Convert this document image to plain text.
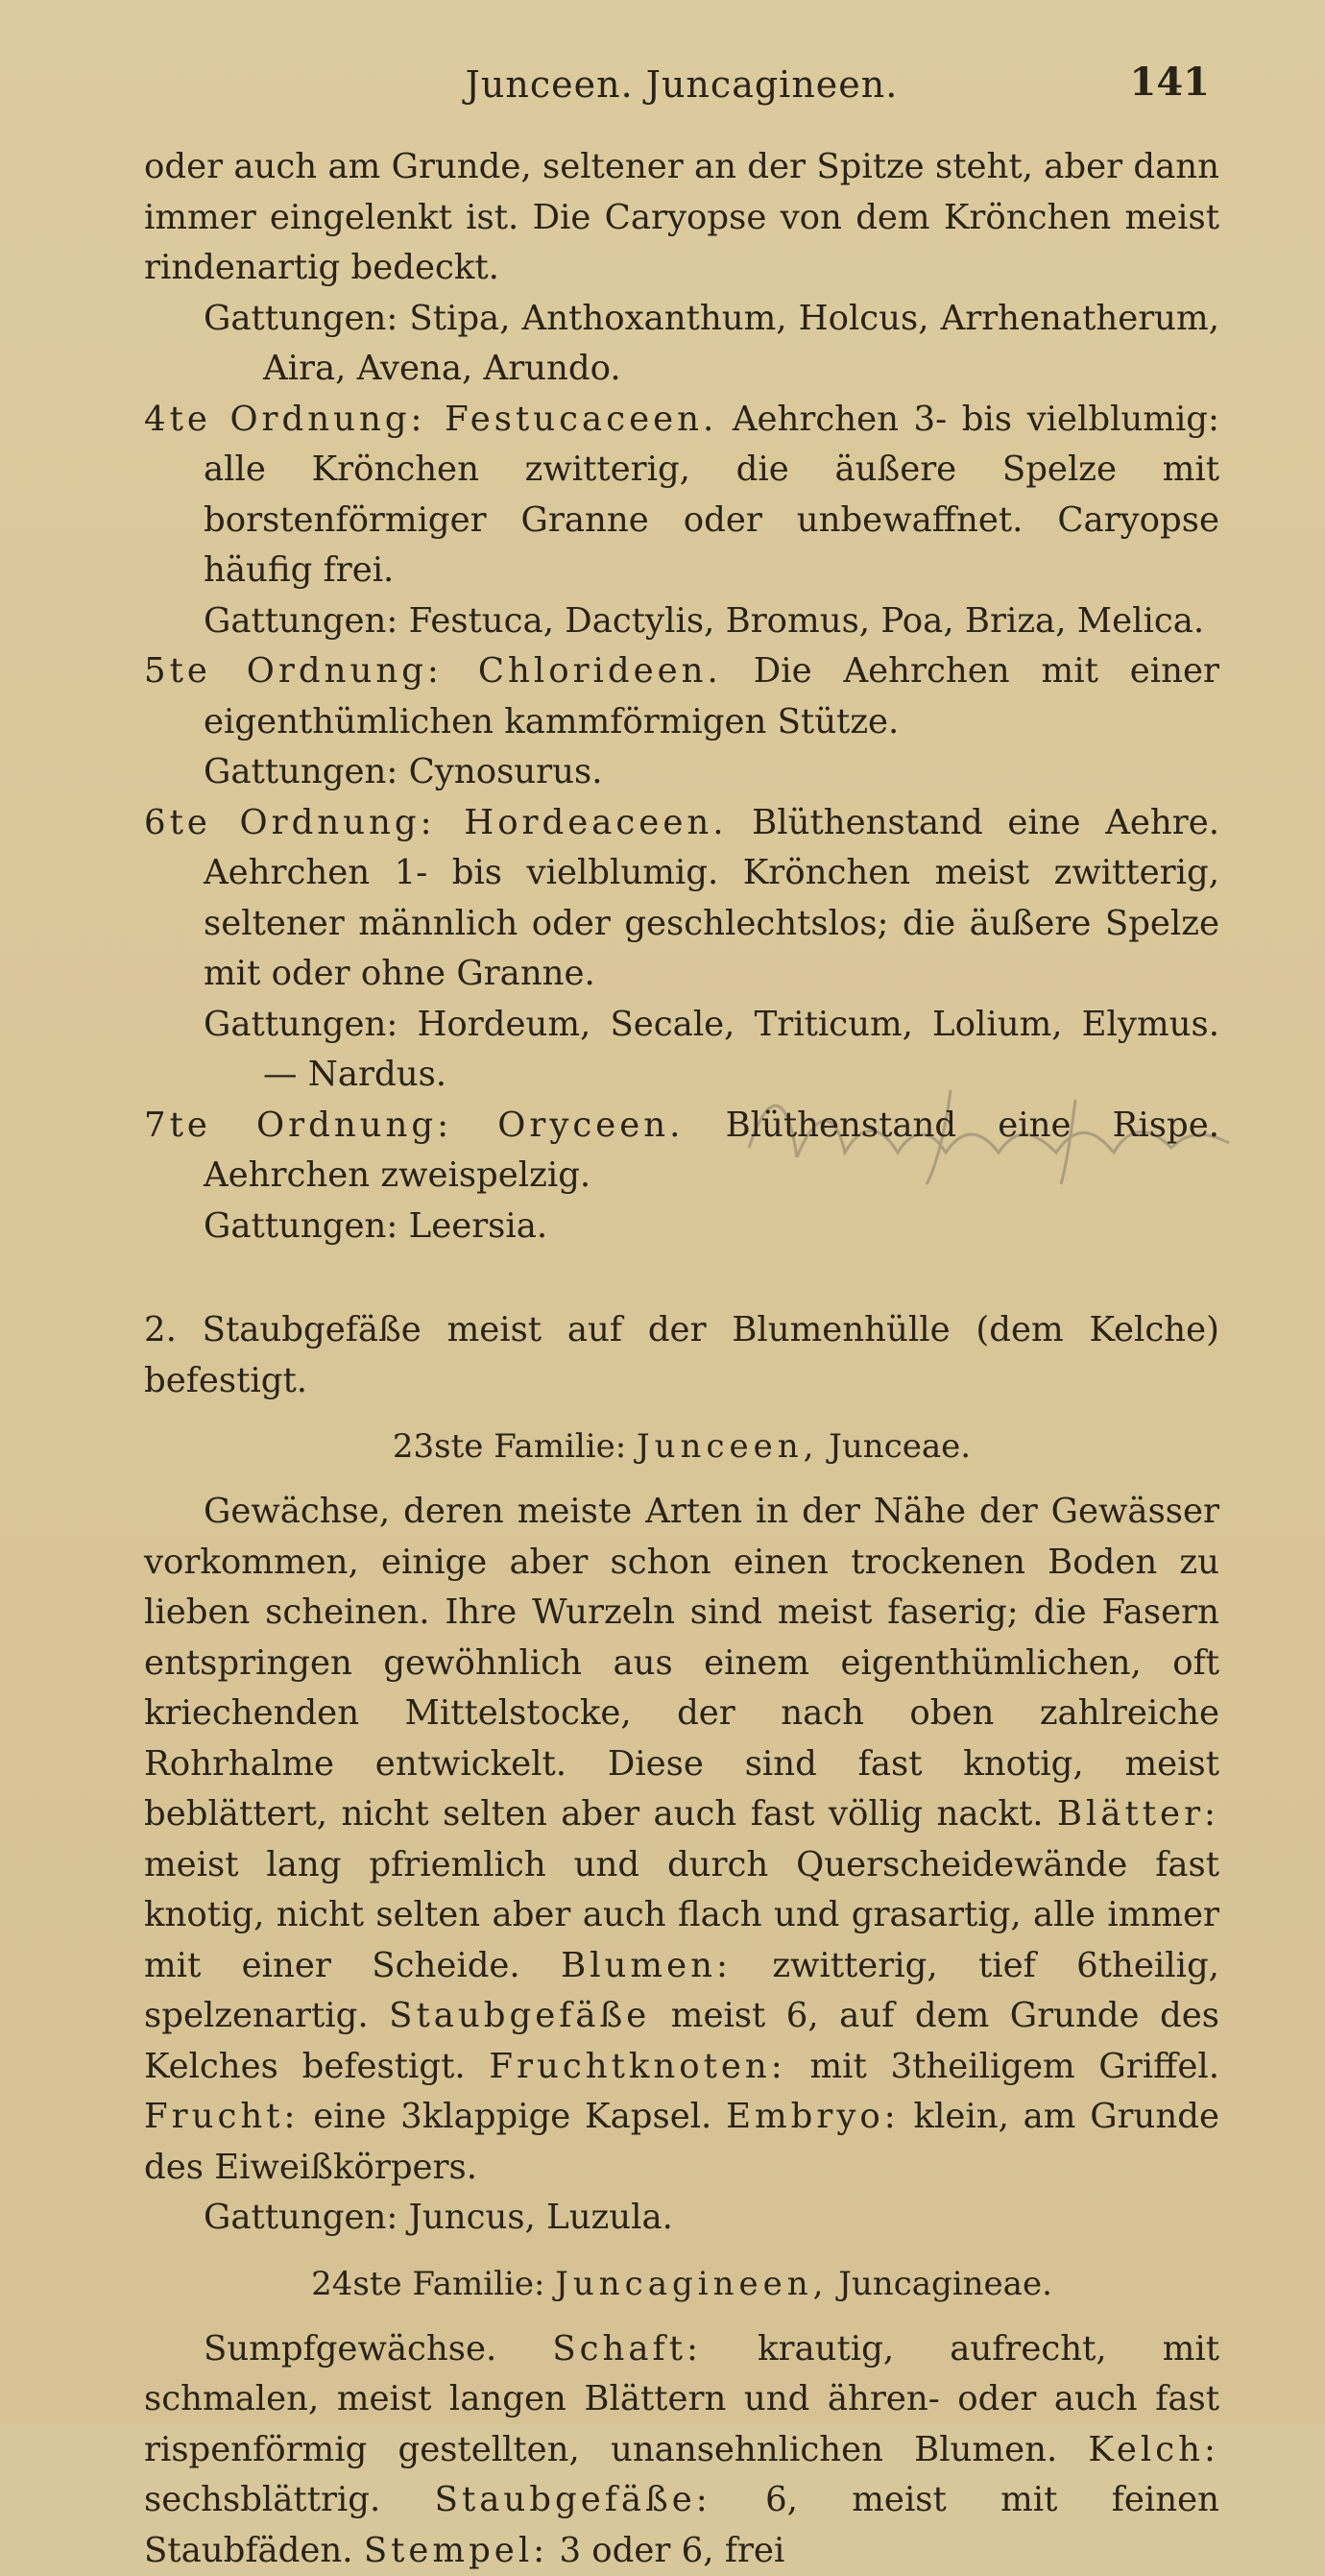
Junceen. Juncagineen.	141

oder auch am Grunde, seltener an der Spitze steht, aber dann immer eingelenkt ist. Die Caryopse von dem Krönchen meist rindenartig bedeckt.

Gattungen: Stipa, Anthoxanthum, Holcus, Arrhenatherum, Aira, Avena, Arundo.

4te Ordnung: Festucaceen. Aehrchen 3- bis vielblumig: alle Krönchen zwitterig, die äußere Spelze mit borstenförmiger Granne oder unbewaffnet. Caryopse häufig frei.

Gattungen: Festuca, Dactylis, Bromus, Poa, Briza, Melica.

5te Ordnung: Chlorideen. Die Aehrchen mit einer eigenthümlichen kammförmigen Stütze.

Gattungen: Cynosurus.

6te Ordnung: Hordeaceen. Blüthenstand eine Aehre. Aehrchen 1- bis vielblumig. Krönchen meist zwitterig, seltener männlich oder geschlechtslos; die äußere Spelze mit oder ohne Granne.

Gattungen: Hordeum, Secale, Triticum, Lolium, Elymus. — Nardus.

7te Ordnung: Oryceen. Blüthenstand eine Rispe. Aehrchen zweispelzig.

Gattungen: Leersia.

2. Staubgefäße meist auf der Blumenhülle (dem Kelche) befestigt.

23ste Familie: Junceen, Junceae.

Gewächse, deren meiste Arten in der Nähe der Gewässer vorkommen, einige aber schon einen trockenen Boden zu lieben scheinen. Ihre Wurzeln sind meist faserig; die Fasern entspringen gewöhnlich aus einem eigenthümlichen, oft kriechenden Mittelstocke, der nach oben zahlreiche Rohrhalme entwickelt. Diese sind fast knotig, meist beblättert, nicht selten aber auch fast völlig nackt. Blätter: meist lang pfriemlich und durch Querscheidewände fast knotig, nicht selten aber auch flach und grasartig, alle immer mit einer Scheide. Blumen: zwitterig, tief 6theilig, spelzenartig. Staubgefäße meist 6, auf dem Grunde des Kelches befestigt. Fruchtknoten: mit 3theiligem Griffel. Frucht: eine 3klappige Kapsel. Embryo: klein, am Grunde des Eiweißkörpers.

Gattungen: Juncus, Luzula.

24ste Familie: Juncagineen, Juncagineae.

Sumpfgewächse. Schaft: krautig, aufrecht, mit schmalen, meist langen Blättern und ähren- oder auch fast rispenförmig gestellten, unansehnlichen Blumen. Kelch: sechsblättrig. Staubgefäße: 6, meist mit feinen Staubfäden. Stempel: 3 oder 6, frei
